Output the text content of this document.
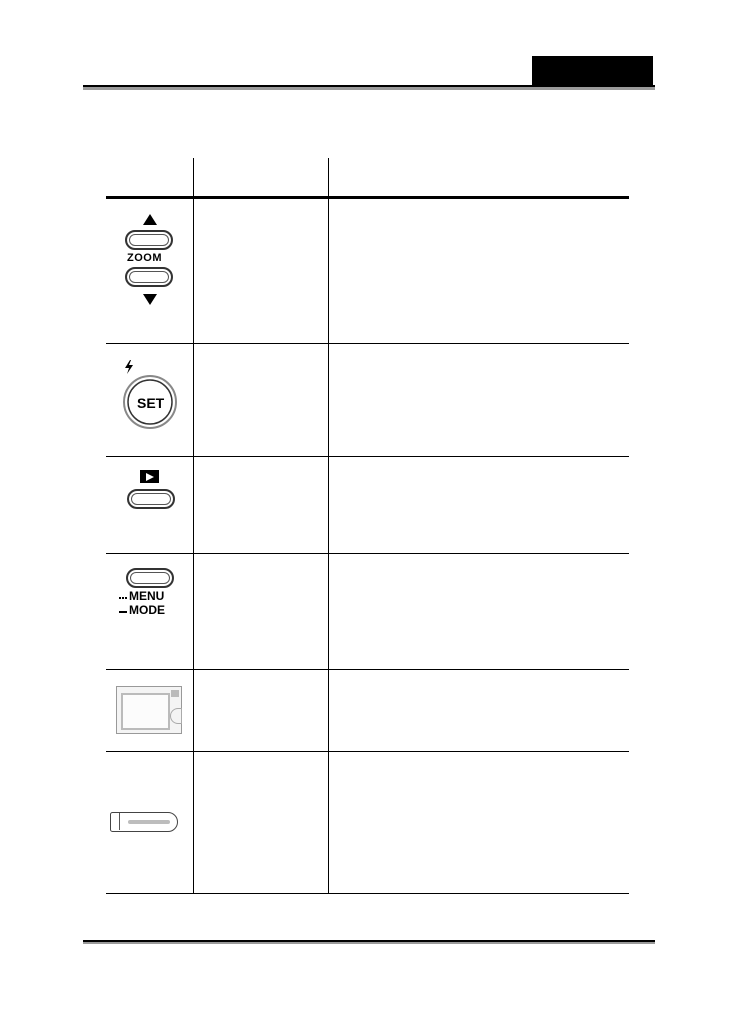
ZOOM
SET
MENU
MODE
